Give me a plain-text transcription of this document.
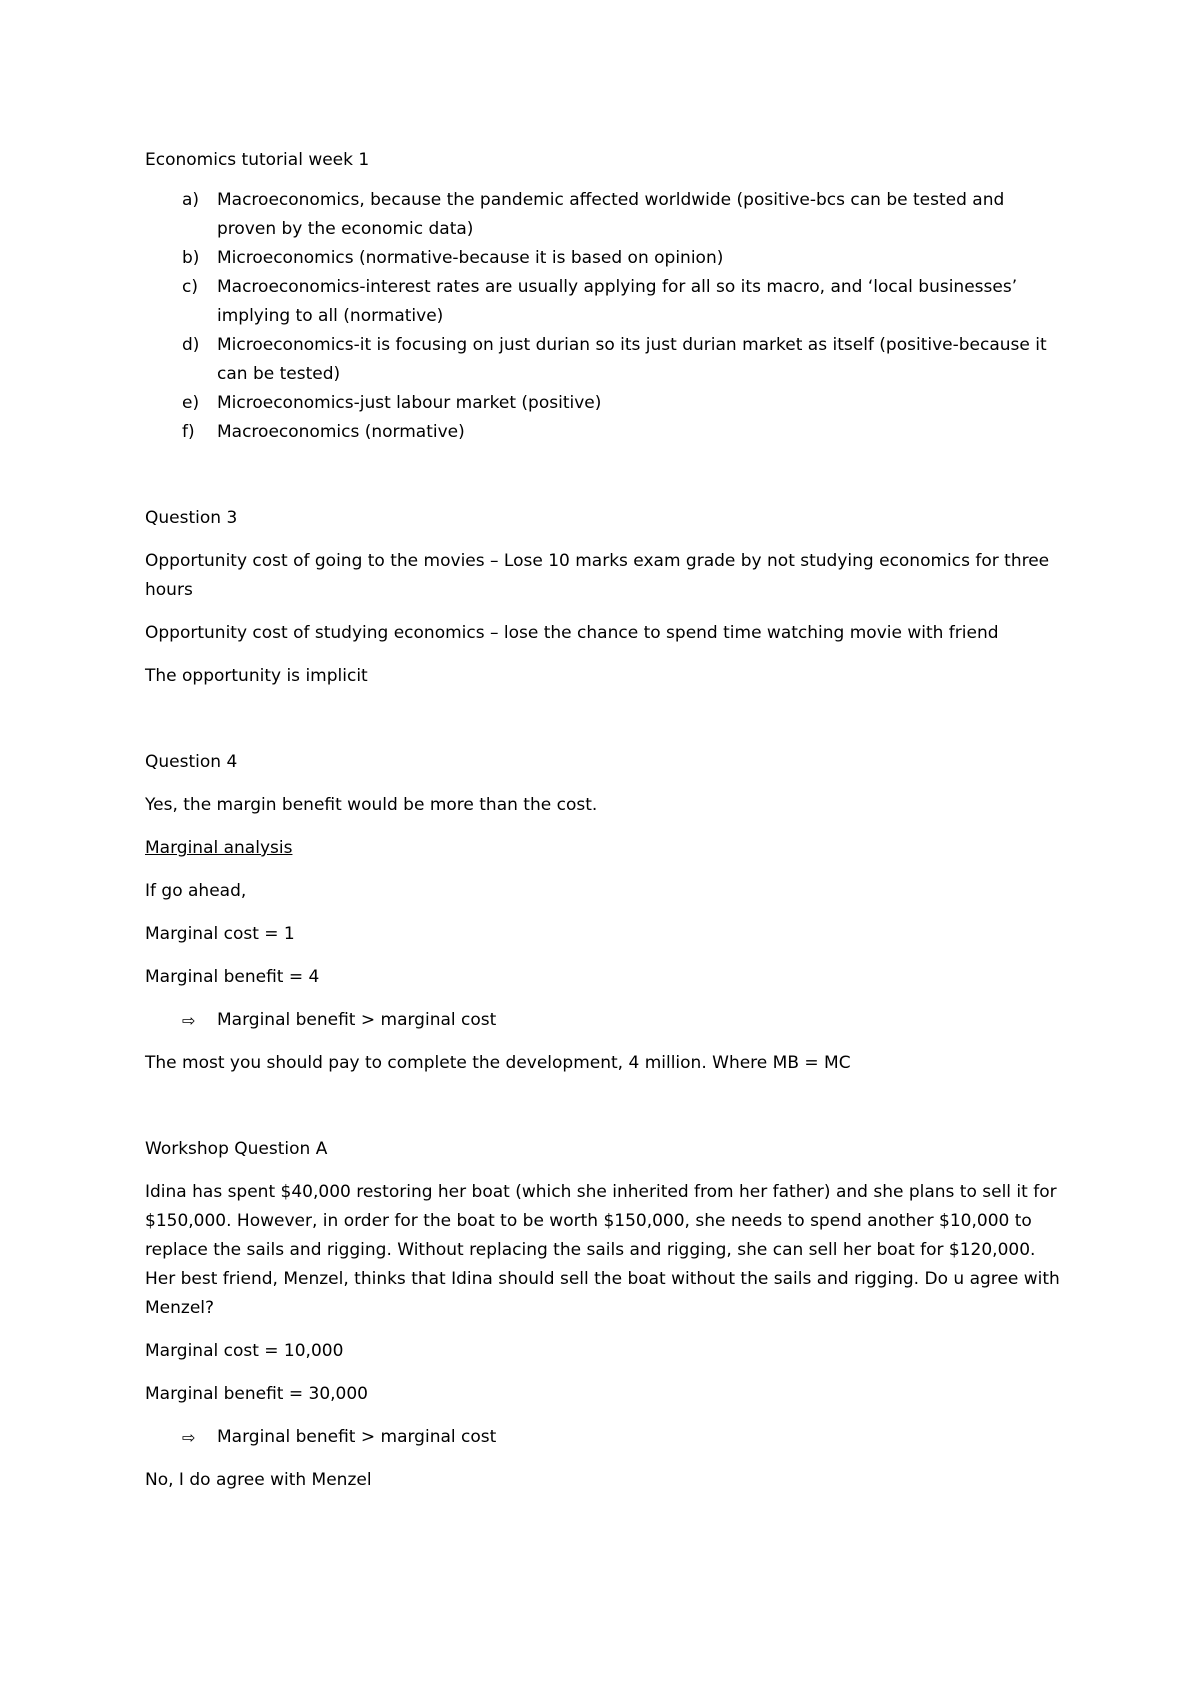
Economics tutorial week 1

a)	Macroeconomics, because the pandemic affected worldwide (positive-bcs can be tested and proven by the economic data)
b)	Microeconomics (normative-because it is based on opinion)
c)	Macroeconomics-interest rates are usually applying for all so its macro, and ‘local businesses’ implying to all (normative)
d)	Microeconomics-it is focusing on just durian so its just durian market as itself (positive-because it can be tested)
e)	Microeconomics-just labour market (positive)
f)	Macroeconomics (normative)

Question 3

Opportunity cost of going to the movies – Lose 10 marks exam grade by not studying economics for three hours

Opportunity cost of studying economics – lose the chance to spend time watching movie with friend

The opportunity is implicit

Question 4

Yes, the margin benefit would be more than the cost.

Marginal analysis

If go ahead,

Marginal cost = 1

Marginal benefit = 4

⇨	Marginal benefit > marginal cost

The most you should pay to complete the development, 4 million. Where MB = MC

Workshop Question A

Idina has spent $40,000 restoring her boat (which she inherited from her father) and she plans to sell it for $150,000. However, in order for the boat to be worth $150,000, she needs to spend another $10,000 to replace the sails and rigging. Without replacing the sails and rigging, she can sell her boat for $120,000. Her best friend, Menzel, thinks that Idina should sell the boat without the sails and rigging. Do u agree with Menzel?

Marginal cost = 10,000

Marginal benefit = 30,000

⇨	Marginal benefit > marginal cost

No, I do agree with Menzel
